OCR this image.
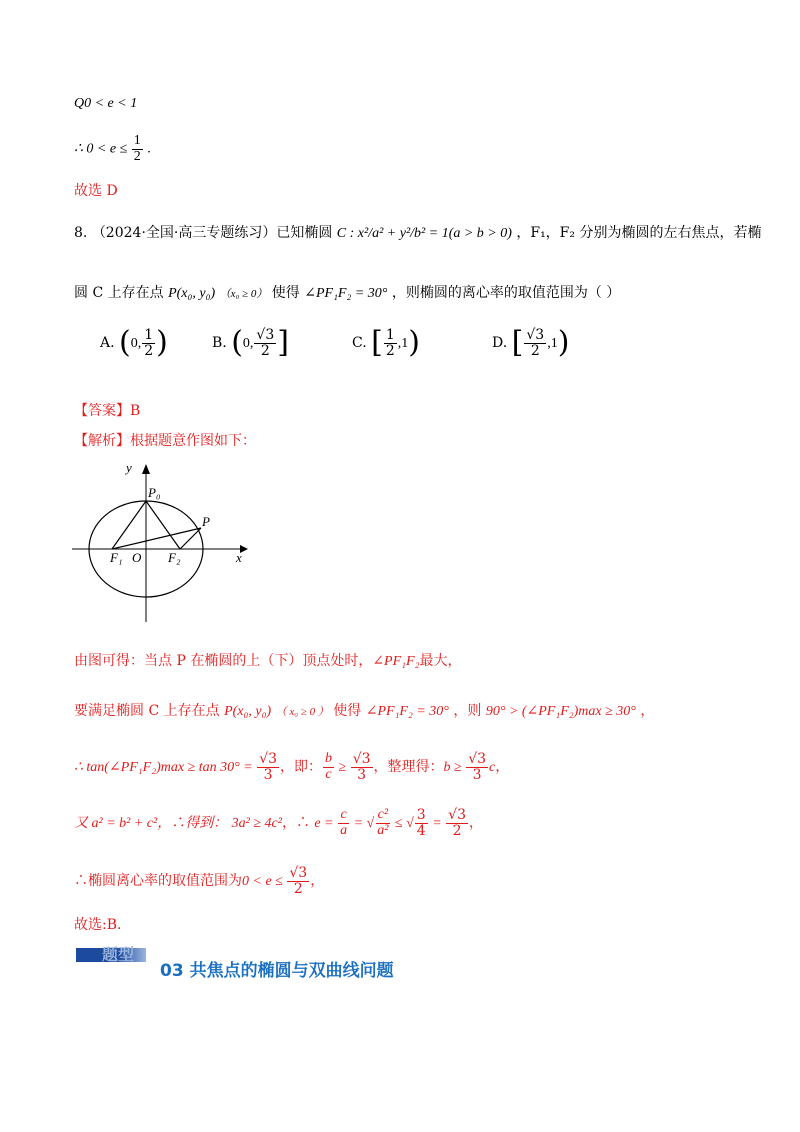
Q0 < e < 1
∴ $0 < e \le \frac{1}{2}$ .
故选 D
8. （2024·全国·高三专题练习）已知椭圆 C : x²/a² + y²/b² = 1(a > b > 0) ，F₁，F₂ 分别为椭圆的左右焦点，若椭
圆 C 上存在点 P(x₀, y₀) （x₀ ≥ 0） 使得 ∠PF₁F₂ = 30° ，则椭圆的离心率的取值范围为（ ）
A. (0, $\frac{1}{2}$ )	B. (0, $\frac{√3}{2}$ ]	C. [ $\frac{1}{2} ,1$)	D. [ $\frac{√3}{2} ,1$)
【答案】B
【解析】根据题意作图如下：
y
x
P₀
P
F₁ O F₂
由图可得：当点 P 在椭圆的上（下）顶点处时，∠PF₁F₂最大，
要满足椭圆 C 上存在点 P(x₀, y₀) （ x₀ ≥ 0 ） 使得 ∠PF₁F₂ = 30° ，则 90° > (∠PF₁F₂)max ≥ 30° ，
∴ tan(∠PF₁F₂)max ≥ $\tan 30^\circ = \frac{√3}{3}$ ，即： $\frac{b}{c} \ge \frac{√3}{3}$ ，整理得：$b \ge \frac{√3}{3}$ c，
又 a² = b² + c²，∴得到： 3a² ≥ 4c²，∴ $e = \frac{c}{a}$ = √ $\frac{\text{c²}}{\text{a²}}$ ≤ √ $\frac{3}{4} = \frac{√3}{2}$ ，
∴椭圆离心率的取值范围为$0 < e \le \frac{√3}{2}$ ，
故选:B.
题型
03 共焦点的椭圆与双曲线问题
